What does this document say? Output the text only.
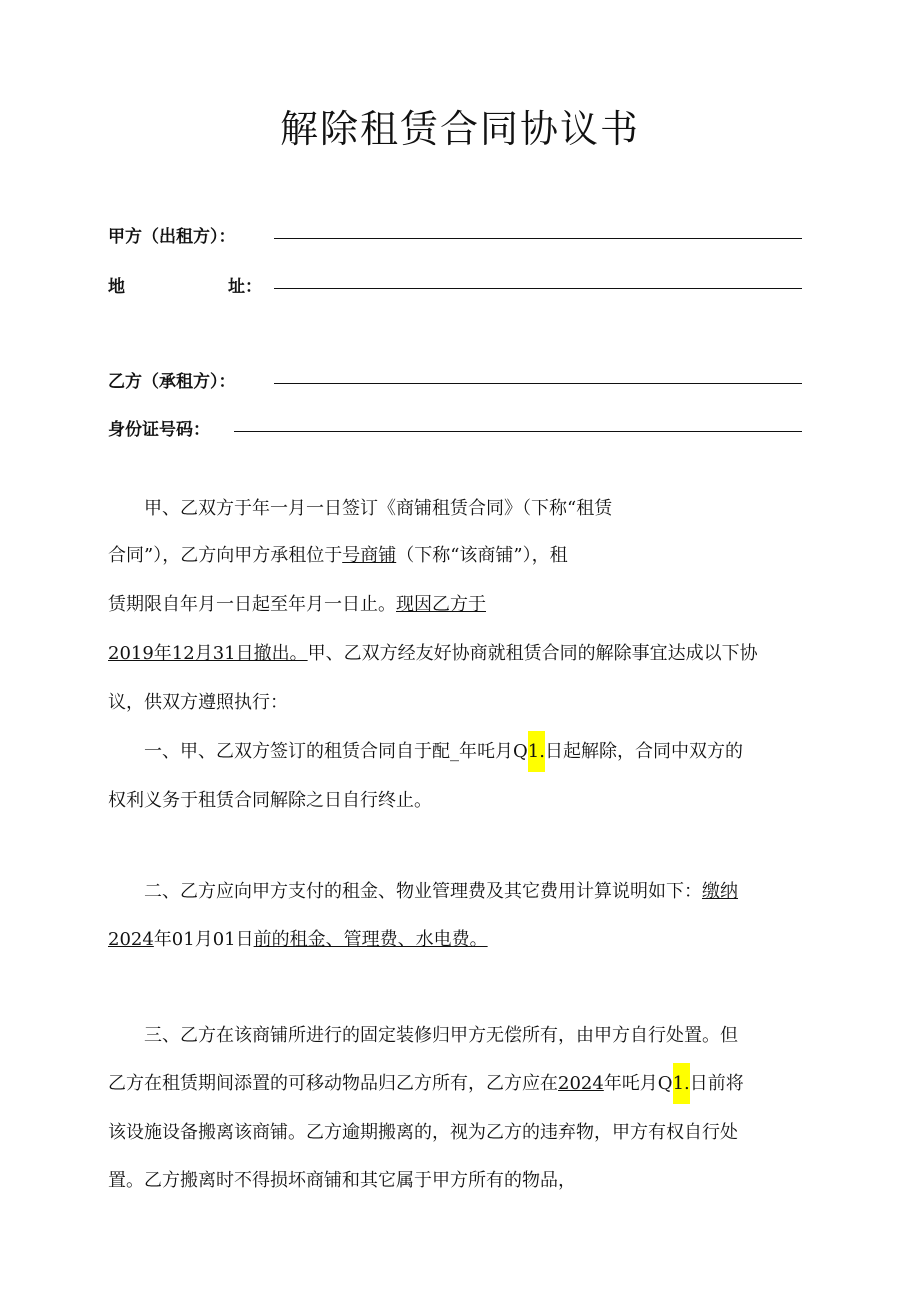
解除租赁合同协议书
甲方（出租方）：
地	址：
乙方（承租方）：
身份证号码：
甲、乙双方于年一月一日签订《商铺租赁合同》（下称“租赁
合同”），乙方向甲方承租位于号商铺（下称“该商铺”），租
赁期限自年月一日起至年月一日止。现因乙方于
2019年12月31日撤出。甲、乙双方经友好协商就租赁合同的解除事宜达成以下协
议，供双方遵照执行：
一、甲、乙双方签订的租赁合同自于配_年吒月Q1.日起解除，合同中双方的
权利义务于租赁合同解除之日自行终止。
二、乙方应向甲方支付的租金、物业管理费及其它费用计算说明如下：缴纳
2024年01月01日前的租金、管理费、水电费。
三、乙方在该商铺所进行的固定装修归甲方无偿所有，由甲方自行处置。但
乙方在租赁期间添置的可移动物品归乙方所有，乙方应在2024年吒月Q1.日前将
该设施设备搬离该商铺。乙方逾期搬离的，视为乙方的违弃物，甲方有权自行处
置。乙方搬离时不得损坏商铺和其它属于甲方所有的物品，
